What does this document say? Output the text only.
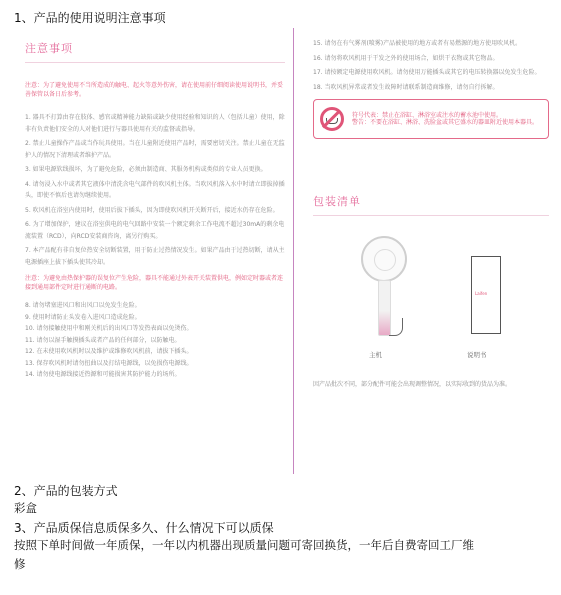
1、产品的使用说明注意事项
注意事项
注意：为了避免使用不当所造成的触电、起火等意外伤害，请在使用前仔细阅读使用说明书，并妥善保管以备日后参考。
1. 器具不打算由存在肢体、感官或精神能力缺陷或缺少使用经验和知识的人（包括儿童）使用，除非有负责他们安全的人对他们进行与器具使用有关的监督或指导。
2. 禁止儿童操作产品或当作玩具使用。当在儿童附近使用产品时，需要密切关注。禁止儿童在无监护人的情况下清理或者维护产品。
3. 如果电源软线损坏，为了避免危险，必须由制造商、其服务机构或类似的专业人员更换。
4. 请勿浸入水中或者其它液体中清洗含电气部件的吹风机主体。当吹风机落入水中时请立即拔掉插头，即使不慎后也请勿继续使用。
5. 吹风机在浴室内使用时，使用后拔下插头，因为即使吹风机开关断开后，接近水仍存在危险。
6. 为了增加保护，建议在浴室供电的电气回路中安装一个额定剩余工作电流不超过30mA的剩余电流装置（RCD），向RCD安装商咨询，离另行购买。
7. 本产品配有非自复位热安全切断装置，用于防止过热情况发生。如果产品由于过热切断，请从主电源插座上拔下插头使其冷却。
注意：为避免由热保护器的误复位产生危险，器具不能通过外表开关装置供电，例如定时器或者连接到通用部件定时进行通断的电路。
8. 请勿堵塞进风口和出风口以免发生危险。
9. 使用时请防止头发卷入进风口造成危险。
10. 请勿接触使用中和刚关机后的出风口等发热表面以免烫伤。
11. 请勿以湿手触摸插头或者产品的任何部分，以防触电。
12. 在未使用吹风机时以及维护或维修吹风机前，请拔下插头。
13. 保存吹风机时请勿扭曲以及打结电源线，以免损伤电源线。
14. 请勿使电源线接近热源和可能损害其防护能力的场所。
15. 请勿在有气雾剂(喷雾)产品被使用的地方或者有易燃源的地方使用吹风机。
16. 请勿将吹风机用于干发之外的使用场合，如烘干衣物或其它物品。
17. 请按额定电源使用吹风机。请勿使用万能插头或其它的电压转换器以免发生危险。
18. 当吹风机异常或者发生故障时请联系制造商维修，请勿自行拆解。
符号代表：禁止在浴缸、淋浴室或注水的蓄水池中使用。
警告：不要在浴缸、淋浴、洗脸盆或其它盛水的器皿附近使用本器具。
包装清单
Laifen
主机	说明书
因产品批次不同，部分配件可能会出现调整情况，以实际收到的货品为准。
2、产品的包装方式
彩盒
3、产品质保信息质保多久、什么情况下可以质保
按照下单时间做一年质保，一年以内机器出现质量问题可寄回换货，一年后自费寄回工厂维
修
